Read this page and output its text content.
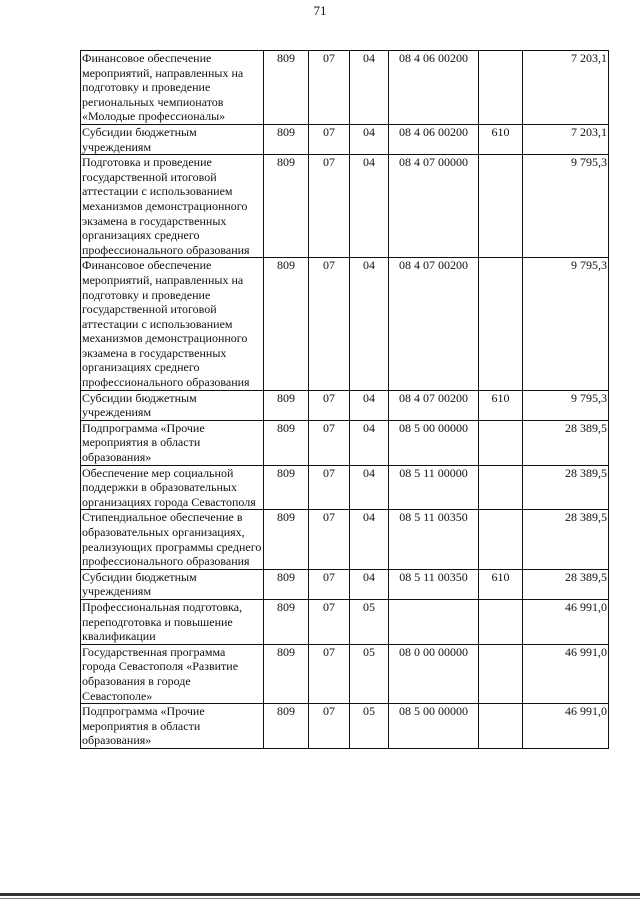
71
Финансовое обеспечение мероприятий, направленных на подготовку и проведение региональных чемпионатов «Молодые профессионалы»	809	07	04	08 4 06 00200		7 203,1
Субсидии бюджетным учреждениям	809	07	04	08 4 06 00200	610	7 203,1
Подготовка и проведение государственной итоговой аттестации с использованием механизмов демонстрационного экзамена в государственных организациях среднего профессионального образования	809	07	04	08 4 07 00000		9 795,3
Финансовое обеспечение мероприятий, направленных на подготовку и проведение государственной итоговой аттестации с использованием механизмов демонстрационного экзамена в государственных организациях среднего профессионального образования	809	07	04	08 4 07 00200		9 795,3
Субсидии бюджетным учреждениям	809	07	04	08 4 07 00200	610	9 795,3
Подпрограмма «Прочие мероприятия в области образования»	809	07	04	08 5 00 00000		28 389,5
Обеспечение мер социальной поддержки в образовательных организациях города Севастополя	809	07	04	08 5 11 00000		28 389,5
Стипендиальное обеспечение в образовательных организациях, реализующих программы среднего профессионального образования	809	07	04	08 5 11 00350		28 389,5
Субсидии бюджетным учреждениям	809	07	04	08 5 11 00350	610	28 389,5
Профессиональная подготовка, переподготовка и повышение квалификации	809	07	05			46 991,0
Государственная программа города Севастополя «Развитие образования в городе Севастополе»	809	07	05	08 0 00 00000		46 991,0
Подпрограмма «Прочие мероприятия в области образования»	809	07	05	08 5 00 00000		46 991,0
